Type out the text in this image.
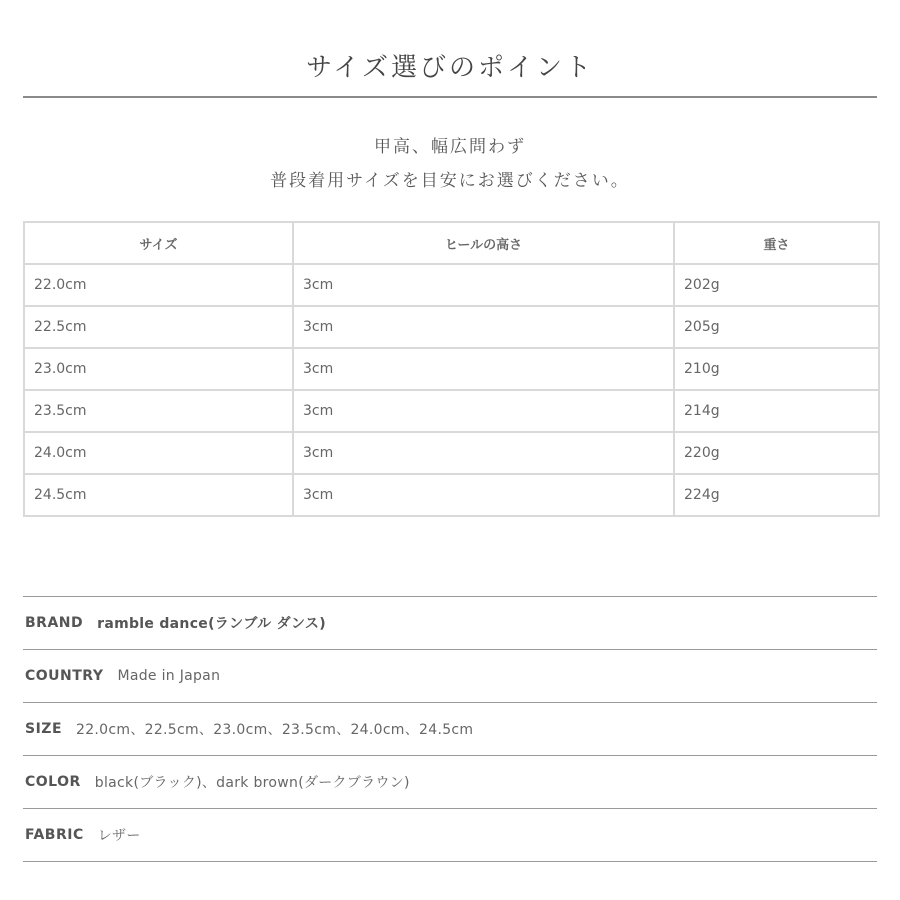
サイズ選びのポイント
甲高、幅広問わず
普段着用サイズを目安にお選びください。
サイズ	ヒールの高さ	重さ
22.0cm	3cm	202g
22.5cm	3cm	205g
23.0cm	3cm	210g
23.5cm	3cm	214g
24.0cm	3cm	220g
24.5cm	3cm	224g
BRAND ramble dance(ランブル ダンス)
COUNTRY Made in Japan
SIZE 22.0cm、22.5cm、23.0cm、23.5cm、24.0cm、24.5cm
COLOR black(ブラック)、dark brown(ダークブラウン)
FABRIC レザー
